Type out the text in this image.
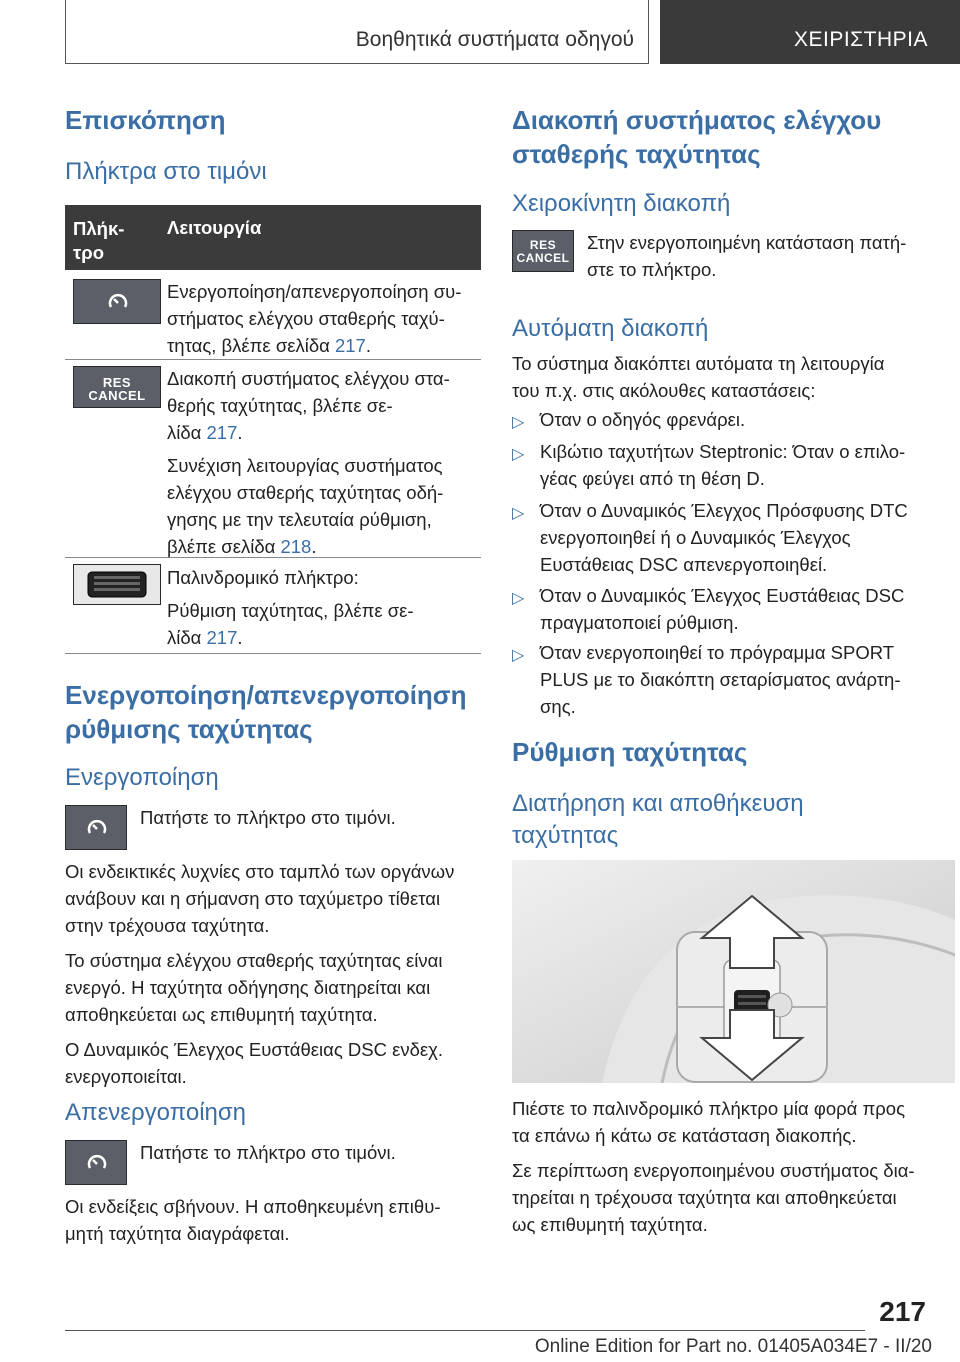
Βοηθητικά συστήματα οδηγού	ΧΕΙΡΙΣΤΗΡΙΑ
Επισκόπηση
Πλήκτρα στο τιμόνι
Πλήκ-
τρο
Λειτουργία
Ενεργοποίηση/απενεργοποίηση συ-
στήματος ελέγχου σταθερής ταχύ-
τητας, βλέπε σελίδα 217.
RES
CANCEL
Διακοπή συστήματος ελέγχου στα-
θερής ταχύτητας, βλέπε σε-
λίδα 217.
Συνέχιση λειτουργίας συστήματος
ελέγχου σταθερής ταχύτητας οδή-
γησης με την τελευταία ρύθμιση,
βλέπε σελίδα 218.
Παλινδρομικό πλήκτρο:
Ρύθμιση ταχύτητας, βλέπε σε-
λίδα 217.
Ενεργοποίηση/απενεργοποίηση
ρύθμισης ταχύτητας
Ενεργοποίηση
Πατήστε το πλήκτρο στο τιμόνι.
Οι ενδεικτικές λυχνίες στο ταμπλό των οργάνων
ανάβουν και η σήμανση στο ταχύμετρο τίθεται
στην τρέχουσα ταχύτητα.
Το σύστημα ελέγχου σταθερής ταχύτητας είναι
ενεργό. Η ταχύτητα οδήγησης διατηρείται και
αποθηκεύεται ως επιθυμητή ταχύτητα.
Ο Δυναμικός Έλεγχος Ευστάθειας DSC ενδεχ.
ενεργοποιείται.
Απενεργοποίηση
Πατήστε το πλήκτρο στο τιμόνι.
Οι ενδείξεις σβήνουν. Η αποθηκευμένη επιθυ-
μητή ταχύτητα διαγράφεται.
Διακοπή συστήματος ελέγχου
σταθερής ταχύτητας
Χειροκίνητη διακοπή
RES
CANCEL
Στην ενεργοποιημένη κατάσταση πατή-
στε το πλήκτρο.
Αυτόματη διακοπή
Το σύστημα διακόπτει αυτόματα τη λειτουργία
του π.χ. στις ακόλουθες καταστάσεις:
▷ Όταν ο οδηγός φρενάρει.
▷ Κιβώτιο ταχυτήτων Steptronic: Όταν ο επιλο-
γέας φεύγει από τη θέση D.
▷ Όταν ο Δυναμικός Έλεγχος Πρόσφυσης DTC
ενεργοποιηθεί ή ο Δυναμικός Έλεγχος
Ευστάθειας DSC απενεργοποιηθεί.
▷ Όταν ο Δυναμικός Έλεγχος Ευστάθειας DSC
πραγματοποιεί ρύθμιση.
▷ Όταν ενεργοποιηθεί το πρόγραμμα SPORT
PLUS με το διακόπτη σεταρίσματος ανάρτη-
σης.
Ρύθμιση ταχύτητας
Διατήρηση και αποθήκευση
ταχύτητας
Πιέστε το παλινδρομικό πλήκτρο μία φορά προς
τα επάνω ή κάτω σε κατάσταση διακοπής.
Σε περίπτωση ενεργοποιημένου συστήματος δια-
τηρείται η τρέχουσα ταχύτητα και αποθηκεύεται
ως επιθυμητή ταχύτητα.
217
Online Edition for Part no. 01405A034E7 - II/20
